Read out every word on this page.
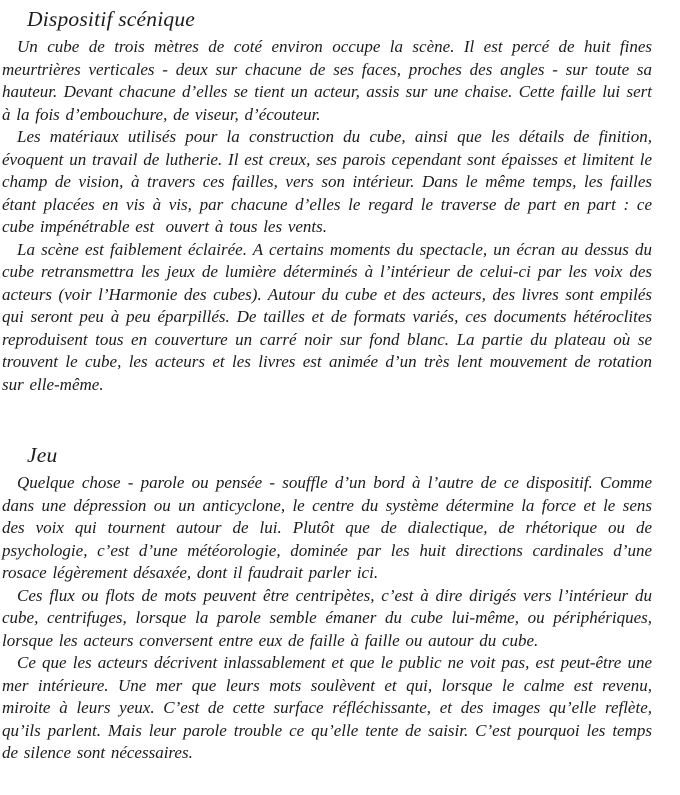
Dispositif scénique

Un cube de trois mètres de coté environ occupe la scène. Il est percé de huit fines meurtrières verticales - deux sur chacune de ses faces, proches des angles - sur toute sa hauteur. Devant chacune d’elles se tient un acteur, assis sur une chaise. Cette faille lui sert à la fois d’embouchure, de viseur, d’écouteur.

Les matériaux utilisés pour la construction du cube, ainsi que les détails de finition, évoquent un travail de lutherie. Il est creux, ses parois cependant sont épaisses et limitent le champ de vision, à travers ces failles, vers son intérieur. Dans le même temps, les failles étant placées en vis à vis, par chacune d’elles le regard le traverse de part en part : ce cube impénétrable est  ouvert à tous les vents.

La scène est faiblement éclairée. A certains moments du spectacle, un écran au dessus du cube retransmettra les jeux de lumière déterminés à l’intérieur de celui-ci par les voix des acteurs (voir l’Harmonie des cubes). Autour du cube et des acteurs, des livres sont empilés qui seront peu à peu éparpillés. De tailles et de formats variés, ces documents hétéroclites reproduisent tous en couverture un carré noir sur fond blanc. La partie du plateau où se trouvent le cube, les acteurs et les livres est animée d’un très lent mouvement de rotation sur elle-même.

Jeu

Quelque chose - parole ou pensée - souffle d’un bord à l’autre de ce dispositif. Comme dans une dépression ou un anticyclone, le centre du système détermine la force et le sens des voix qui tournent autour de lui. Plutôt que de dialectique, de rhétorique ou de psychologie, c’est d’une météorologie, dominée par les huit directions cardinales d’une rosace légèrement désaxée, dont il faudrait parler ici.

Ces flux ou flots de mots peuvent être centripètes, c’est à dire dirigés vers l’intérieur du cube, centrifuges, lorsque la parole semble émaner du cube lui-même, ou périphériques, lorsque les acteurs conversent entre eux de faille à faille ou autour du cube.

Ce que les acteurs décrivent inlassablement et que le public ne voit pas, est peut-être une mer intérieure. Une mer que leurs mots soulèvent et qui, lorsque le calme est revenu, miroite à leurs yeux. C’est de cette surface réfléchissante, et des images qu’elle reflète, qu’ils parlent. Mais leur parole trouble ce qu’elle tente de saisir. C’est pourquoi les temps de silence sont nécessaires.
